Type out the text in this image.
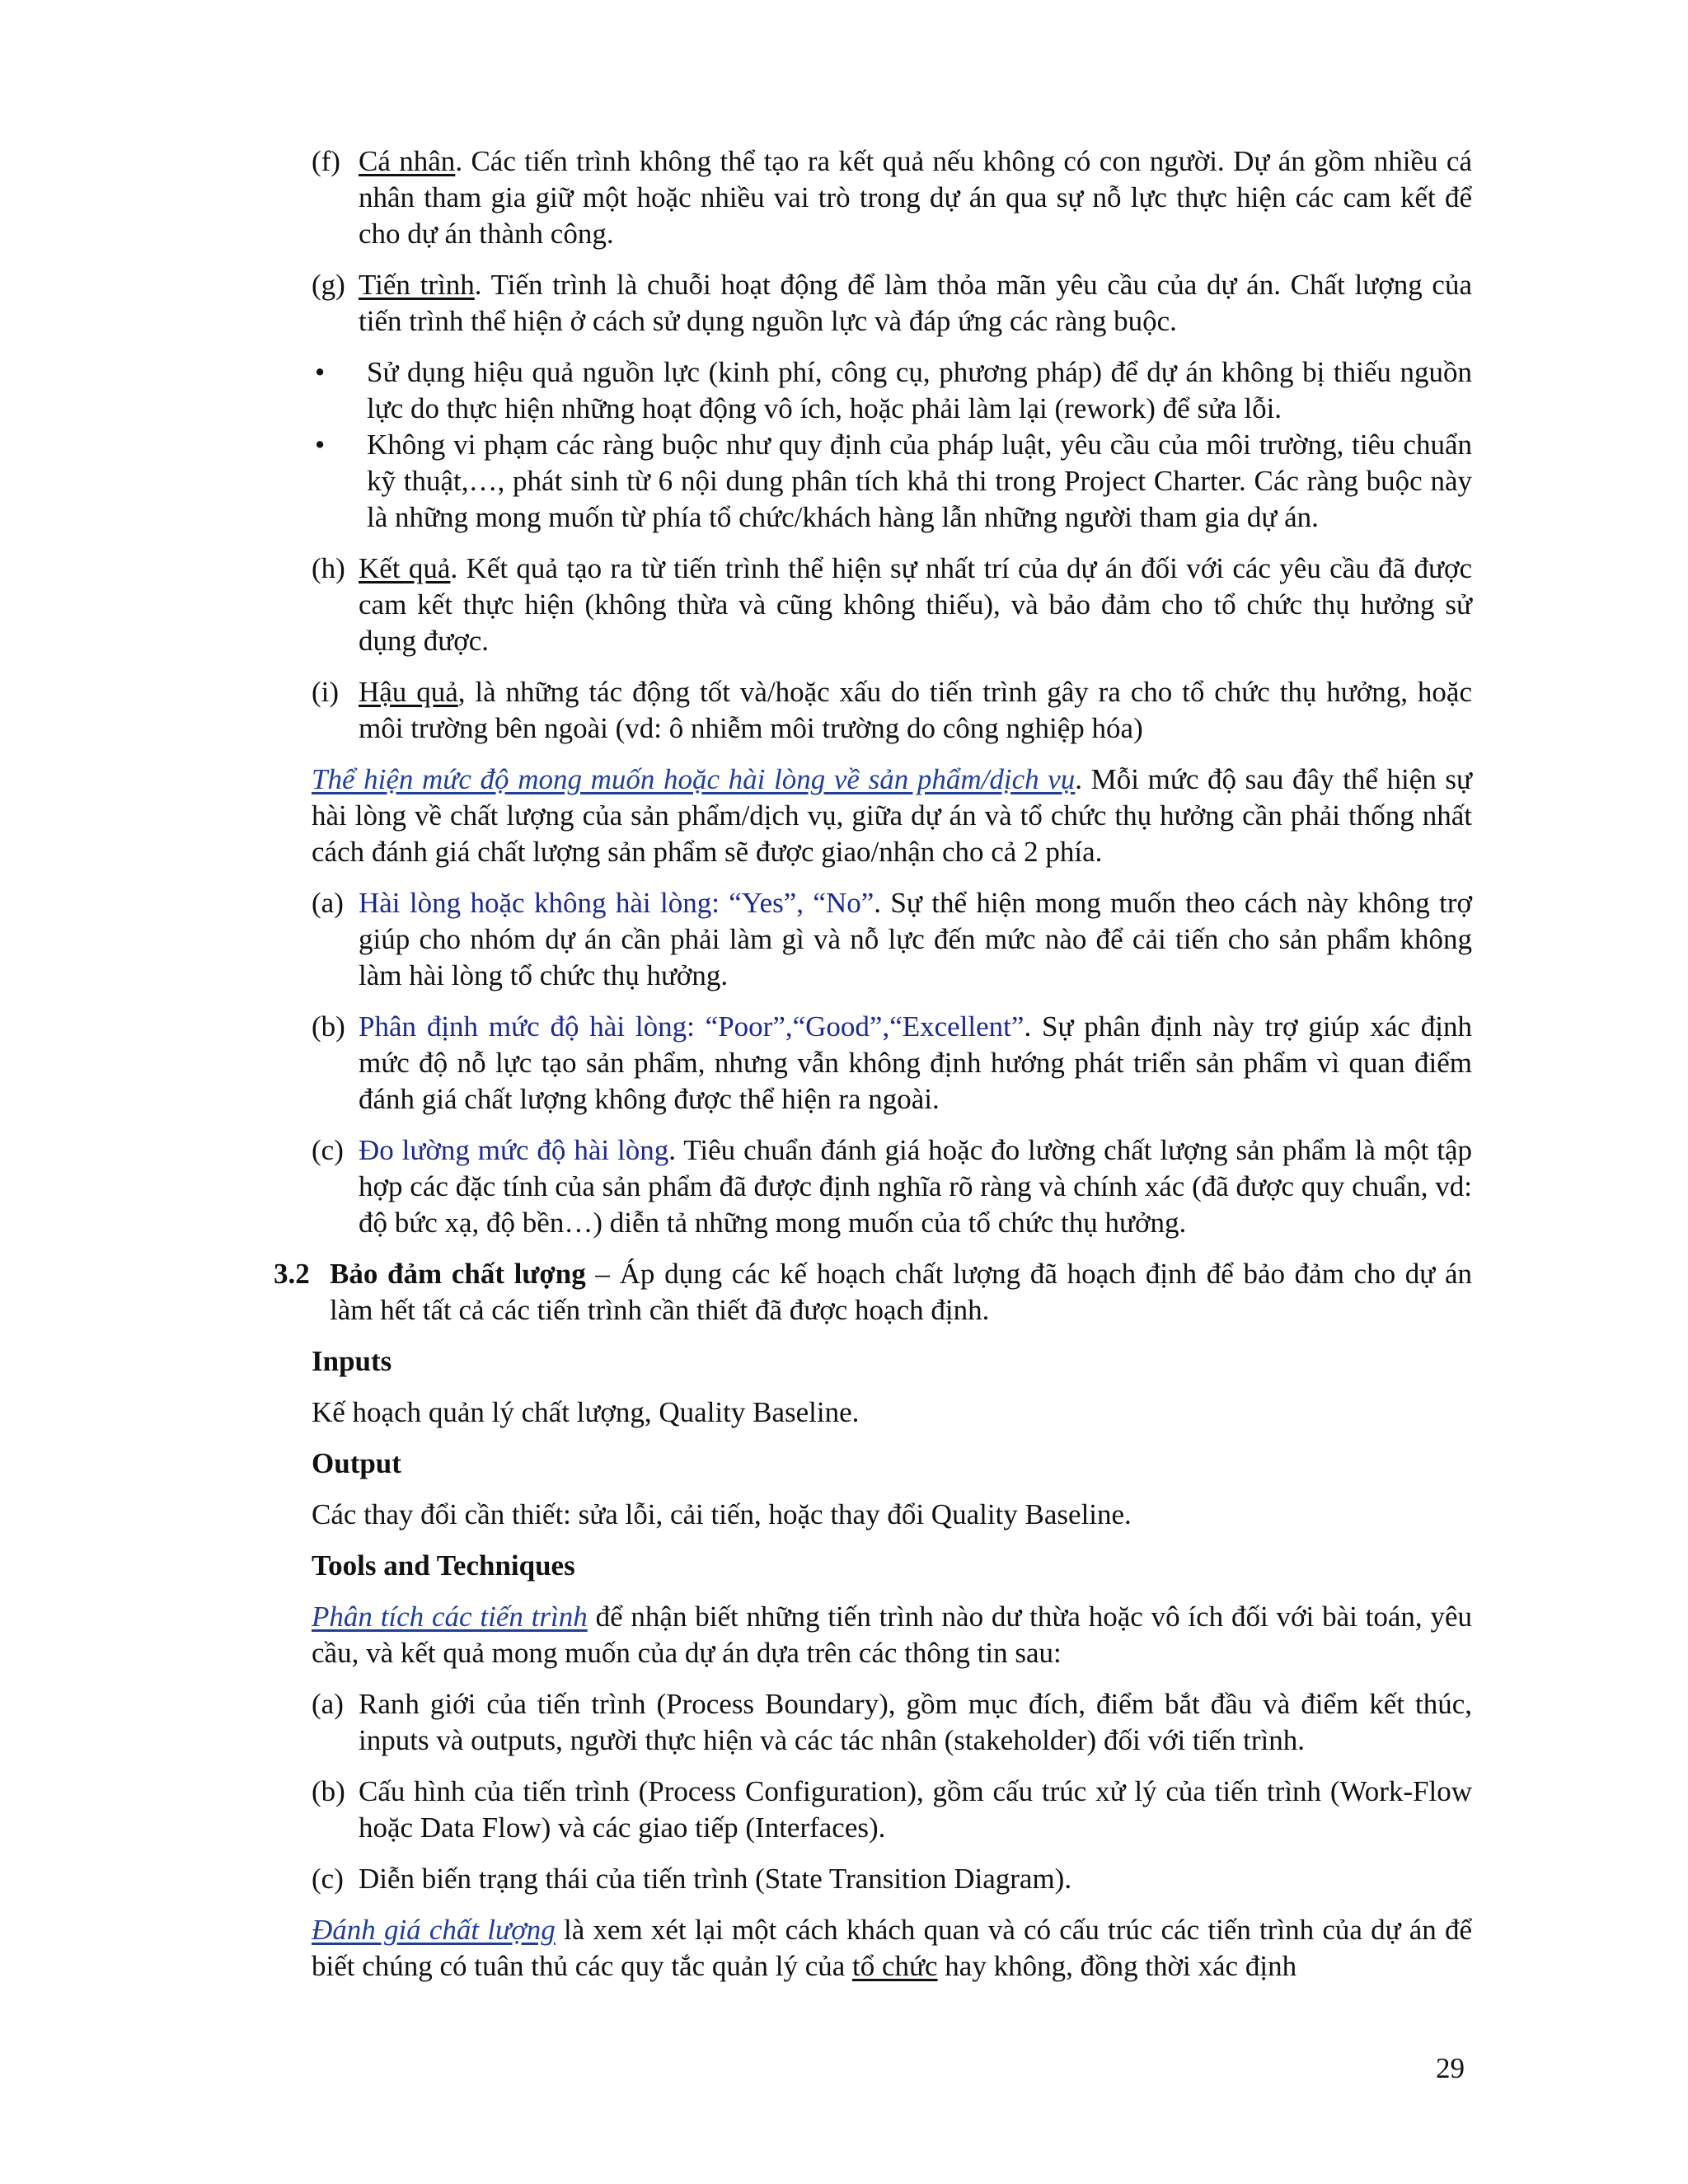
(f) Cá nhân. Các tiến trình không thể tạo ra kết quả nếu không có con người. Dự án gồm nhiều cá nhân tham gia giữ một hoặc nhiều vai trò trong dự án qua sự nỗ lực thực hiện các cam kết để cho dự án thành công.

(g) Tiến trình. Tiến trình là chuỗi hoạt động để làm thỏa mãn yêu cầu của dự án. Chất lượng của tiến trình thể hiện ở cách sử dụng nguồn lực và đáp ứng các ràng buộc.

• Sử dụng hiệu quả nguồn lực (kinh phí, công cụ, phương pháp) để dự án không bị thiếu nguồn lực do thực hiện những hoạt động vô ích, hoặc phải làm lại (rework) để sửa lỗi.

• Không vi phạm các ràng buộc như quy định của pháp luật, yêu cầu của môi trường, tiêu chuẩn kỹ thuật,…, phát sinh từ 6 nội dung phân tích khả thi trong Project Charter. Các ràng buộc này là những mong muốn từ phía tổ chức/khách hàng lẫn những người tham gia dự án.

(h) Kết quả. Kết quả tạo ra từ tiến trình thể hiện sự nhất trí của dự án đối với các yêu cầu đã được cam kết thực hiện (không thừa và cũng không thiếu), và bảo đảm cho tổ chức thụ hưởng sử dụng được.

(i) Hậu quả, là những tác động tốt và/hoặc xấu do tiến trình gây ra cho tổ chức thụ hưởng, hoặc môi trường bên ngoài (vd: ô nhiễm môi trường do công nghiệp hóa)

Thể hiện mức độ mong muốn hoặc hài lòng về sản phẩm/dịch vụ. Mỗi mức độ sau đây thể hiện sự hài lòng về chất lượng của sản phẩm/dịch vụ, giữa dự án và tổ chức thụ hưởng cần phải thống nhất cách đánh giá chất lượng sản phẩm sẽ được giao/nhận cho cả 2 phía.

(a) Hài lòng hoặc không hài lòng: “Yes”, “No”. Sự thể hiện mong muốn theo cách này không trợ giúp cho nhóm dự án cần phải làm gì và nỗ lực đến mức nào để cải tiến cho sản phẩm không làm hài lòng tổ chức thụ hưởng.

(b) Phân định mức độ hài lòng: “Poor”,“Good”,“Excellent”. Sự phân định này trợ giúp xác định mức độ nỗ lực tạo sản phẩm, nhưng vẫn không định hướng phát triển sản phẩm vì quan điểm đánh giá chất lượng không được thể hiện ra ngoài.

(c) Đo lường mức độ hài lòng. Tiêu chuẩn đánh giá hoặc đo lường chất lượng sản phẩm là một tập hợp các đặc tính của sản phẩm đã được định nghĩa rõ ràng và chính xác (đã được quy chuẩn, vd: độ bức xạ, độ bền…) diễn tả những mong muốn của tổ chức thụ hưởng.

3.2 Bảo đảm chất lượng – Áp dụng các kế hoạch chất lượng đã hoạch định để bảo đảm cho dự án làm hết tất cả các tiến trình cần thiết đã được hoạch định.

Inputs

Kế hoạch quản lý chất lượng, Quality Baseline.

Output

Các thay đổi cần thiết: sửa lỗi, cải tiến, hoặc thay đổi Quality Baseline.

Tools and Techniques

Phân tích các tiến trình để nhận biết những tiến trình nào dư thừa hoặc vô ích đối với bài toán, yêu cầu, và kết quả mong muốn của dự án dựa trên các thông tin sau:

(a) Ranh giới của tiến trình (Process Boundary), gồm mục đích, điểm bắt đầu và điểm kết thúc, inputs và outputs, người thực hiện và các tác nhân (stakeholder) đối với tiến trình.

(b) Cấu hình của tiến trình (Process Configuration), gồm cấu trúc xử lý của tiến trình (Work-Flow hoặc Data Flow) và các giao tiếp (Interfaces).

(c) Diễn biến trạng thái của tiến trình (State Transition Diagram).

Đánh giá chất lượng là xem xét lại một cách khách quan và có cấu trúc các tiến trình của dự án để biết chúng có tuân thủ các quy tắc quản lý của tổ chức hay không, đồng thời xác định

29
